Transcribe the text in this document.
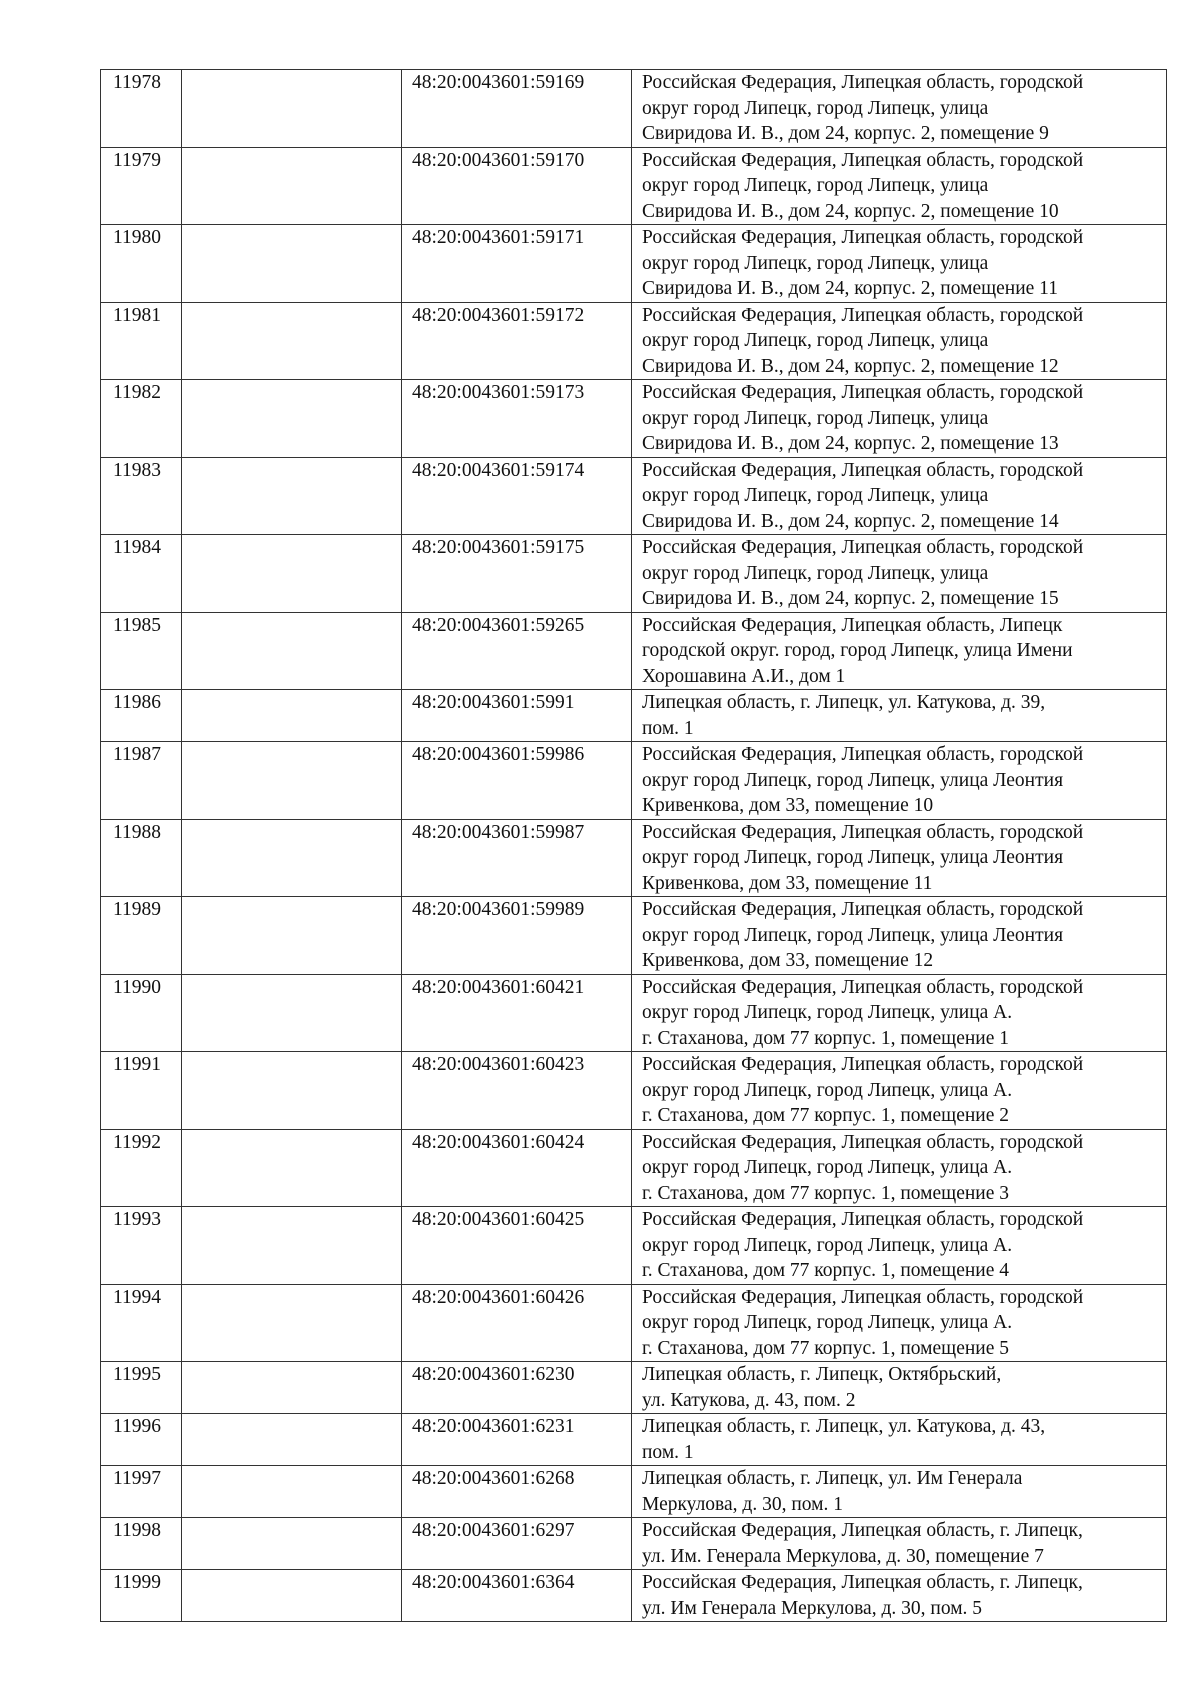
11978		48:20:0043601:59169	Российская Федерация, Липецкая область, городской
округ город Липецк, город Липецк, улица
Свиридова И. В., дом 24, корпус. 2, помещение 9
11979		48:20:0043601:59170	Российская Федерация, Липецкая область, городской
округ город Липецк, город Липецк, улица
Свиридова И. В., дом 24, корпус. 2, помещение 10
11980		48:20:0043601:59171	Российская Федерация, Липецкая область, городской
округ город Липецк, город Липецк, улица
Свиридова И. В., дом 24, корпус. 2, помещение 11
11981		48:20:0043601:59172	Российская Федерация, Липецкая область, городской
округ город Липецк, город Липецк, улица
Свиридова И. В., дом 24, корпус. 2, помещение 12
11982		48:20:0043601:59173	Российская Федерация, Липецкая область, городской
округ город Липецк, город Липецк, улица
Свиридова И. В., дом 24, корпус. 2, помещение 13
11983		48:20:0043601:59174	Российская Федерация, Липецкая область, городской
округ город Липецк, город Липецк, улица
Свиридова И. В., дом 24, корпус. 2, помещение 14
11984		48:20:0043601:59175	Российская Федерация, Липецкая область, городской
округ город Липецк, город Липецк, улица
Свиридова И. В., дом 24, корпус. 2, помещение 15
11985		48:20:0043601:59265	Российская Федерация, Липецкая область, Липецк
городской округ. город, город Липецк, улица Имени
Хорошавина А.И., дом 1
11986		48:20:0043601:5991	Липецкая область, г. Липецк, ул. Катукова, д. 39,
пом. 1
11987		48:20:0043601:59986	Российская Федерация, Липецкая область, городской
округ город Липецк, город Липецк, улица Леонтия
Кривенкова, дом 33, помещение 10
11988		48:20:0043601:59987	Российская Федерация, Липецкая область, городской
округ город Липецк, город Липецк, улица Леонтия
Кривенкова, дом 33, помещение 11
11989		48:20:0043601:59989	Российская Федерация, Липецкая область, городской
округ город Липецк, город Липецк, улица Леонтия
Кривенкова, дом 33, помещение 12
11990		48:20:0043601:60421	Российская Федерация, Липецкая область, городской
округ город Липецк, город Липецк, улица А.
г. Стаханова, дом 77 корпус. 1, помещение 1
11991		48:20:0043601:60423	Российская Федерация, Липецкая область, городской
округ город Липецк, город Липецк, улица А.
г. Стаханова, дом 77 корпус. 1, помещение 2
11992		48:20:0043601:60424	Российская Федерация, Липецкая область, городской
округ город Липецк, город Липецк, улица А.
г. Стаханова, дом 77 корпус. 1, помещение 3
11993		48:20:0043601:60425	Российская Федерация, Липецкая область, городской
округ город Липецк, город Липецк, улица А.
г. Стаханова, дом 77 корпус. 1, помещение 4
11994		48:20:0043601:60426	Российская Федерация, Липецкая область, городской
округ город Липецк, город Липецк, улица А.
г. Стаханова, дом 77 корпус. 1, помещение 5
11995		48:20:0043601:6230	Липецкая область, г. Липецк, Октябрьский,
ул. Катукова, д. 43, пом. 2
11996		48:20:0043601:6231	Липецкая область, г. Липецк, ул. Катукова, д. 43,
пом. 1
11997		48:20:0043601:6268	Липецкая область, г. Липецк, ул. Им Генерала
Меркулова, д. 30, пом. 1
11998		48:20:0043601:6297	Российская Федерация, Липецкая область, г. Липецк,
ул. Им. Генерала Меркулова, д. 30, помещение 7
11999		48:20:0043601:6364	Российская Федерация, Липецкая область, г. Липецк,
ул. Им Генерала Меркулова, д. 30, пом. 5
